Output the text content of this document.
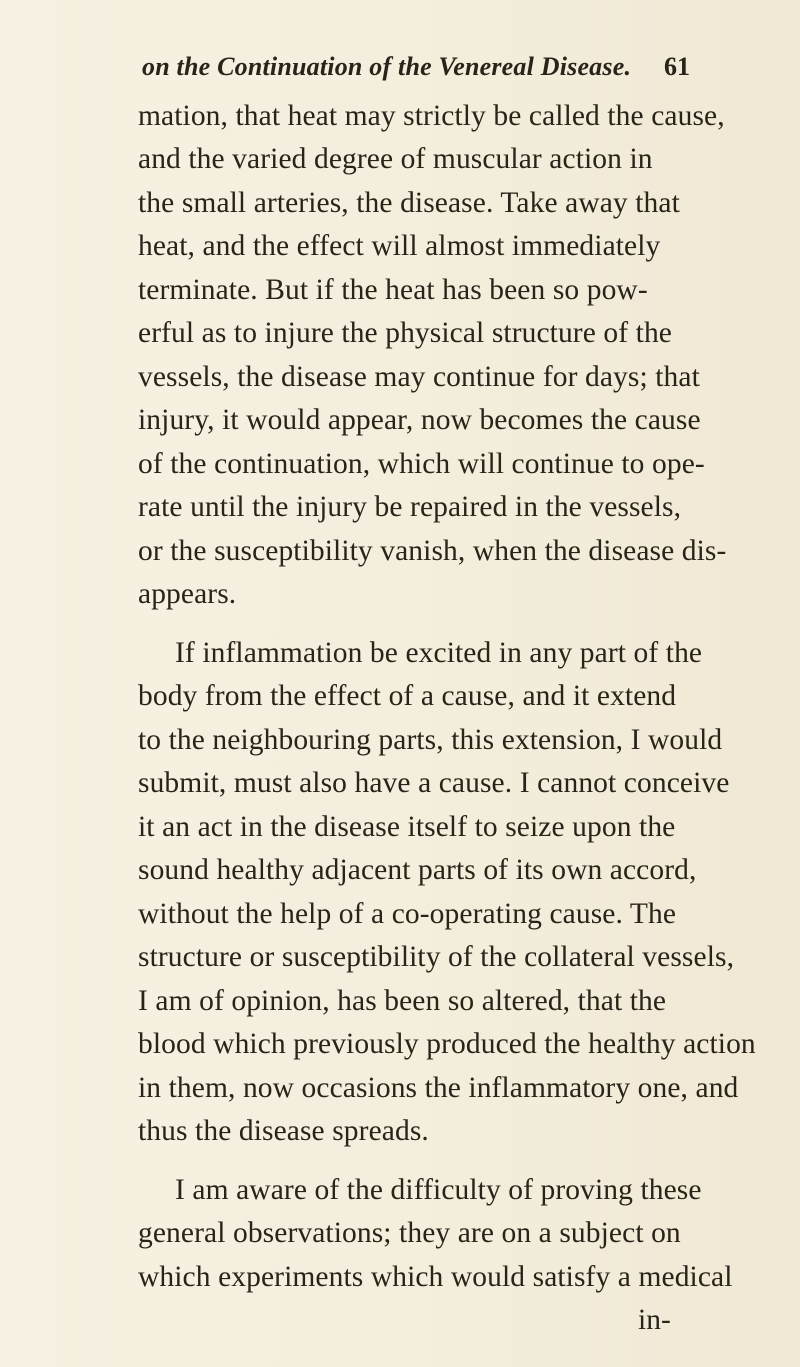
on the Continuation of the Venereal Disease.	61
mation, that heat may strictly be called the cause,
and the varied degree of muscular action in
the small arteries, the disease. Take away that
heat, and the effect will almost immediately
terminate. But if the heat has been so pow-
erful as to injure the physical structure of the
vessels, the disease may continue for days; that
injury, it would appear, now becomes the cause
of the continuation, which will continue to ope-
rate until the injury be repaired in the vessels,
or the susceptibility vanish, when the disease dis-
appears.
If inflammation be excited in any part of the
body from the effect of a cause, and it extend
to the neighbouring parts, this extension, I would
submit, must also have a cause. I cannot conceive
it an act in the disease itself to seize upon the
sound healthy adjacent parts of its own accord,
without the help of a co-operating cause. The
structure or susceptibility of the collateral vessels,
I am of opinion, has been so altered, that the
blood which previously produced the healthy action
in them, now occasions the inflammatory one, and
thus the disease spreads.
I am aware of the difficulty of proving these
general observations; they are on a subject on
which experiments which would satisfy a medical
in-
